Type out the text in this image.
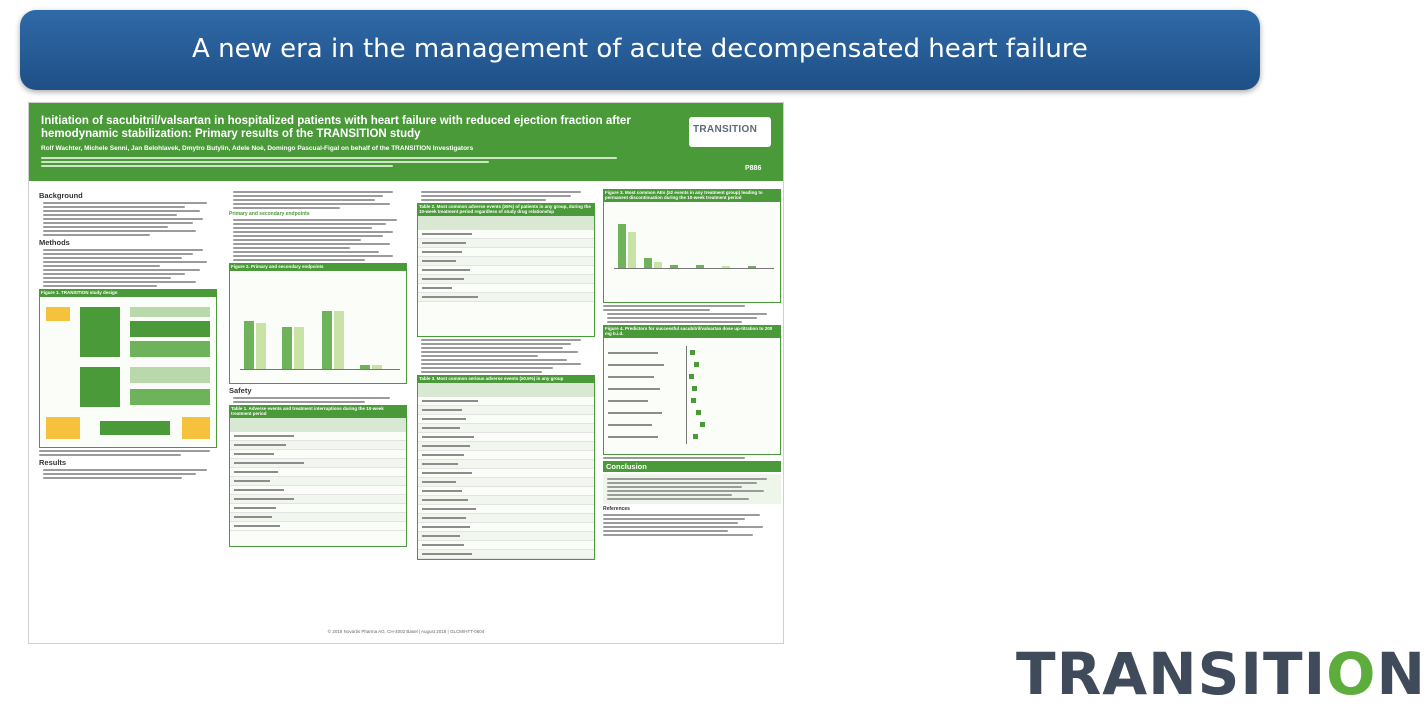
A new era in the management of acute decompensated heart failure
Initiation of sacubitril/valsartan in hospitalized patients with heart failure with reduced ejection fraction after hemodynamic stabilization: Primary results of the TRANSITION study
Rolf Wachter, Michele Senni, Jan Belohlavek, Dmytro Butylin, Adele Noè, Domingo Pascual-Figal on behalf of the TRANSITION Investigators
TRANSITION
P886
Background
Methods
Figure 1. TRANSITION study design
Results
Primary and secondary endpoints
Figure 2. Primary and secondary endpoints
Safety
Table 1. Adverse events and treatment interruptions during the 10-week treatment period
Table 2. Most common adverse events (≥5%) of patients in any group, during the 10-week treatment period regardless of study drug relationship
Table 3. Most common serious adverse events (≥0.5%) in any group
Figure 3. Most common AEs (≥2 events in any treatment group) leading to permanent discontinuation during the 10-week treatment period
Figure 4. Predictors for successful sacubitril/valsartan dose up-titration to 200 mg b.i.d.
Conclusion
References
© 2018 Novartis Pharma AG, CH-4002 Basel | August 2018 | GLCM/HTT-0604
TRANSITION
